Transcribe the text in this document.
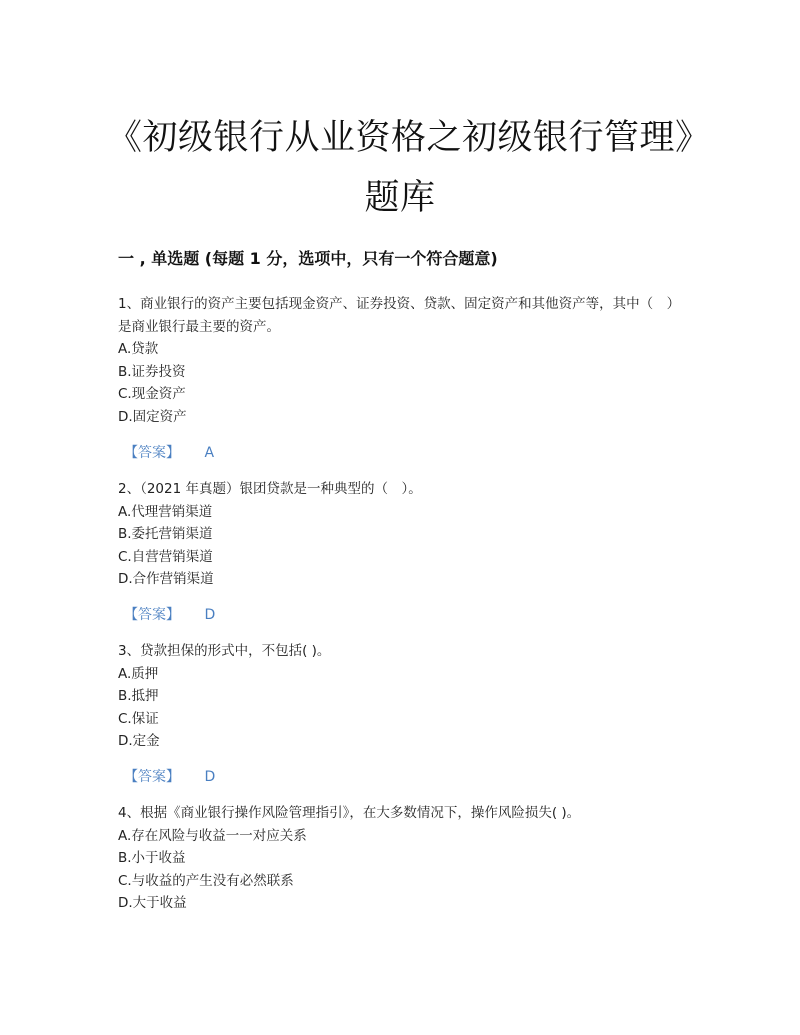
《初级银行从业资格之初级银行管理》题库
一 , 单选题 (每题 1 分，选项中，只有一个符合题意)

1、商业银行的资产主要包括现金资产、证券投资、贷款、固定资产和其他资产等，其中（　）是商业银行最主要的资产。

A.贷款

B.证券投资

C.现金资产

D.固定资产

【答案】 A

2、（2021 年真题）银团贷款是一种典型的（　）。

A.代理营销渠道

B.委托营销渠道

C.自营营销渠道

D.合作营销渠道

【答案】 D

3、贷款担保的形式中，不包括( )。

A.质押

B.抵押

C.保证

D.定金

【答案】 D

4、根据《商业银行操作风险管理指引》，在大多数情况下，操作风险损失( )。

A.存在风险与收益一一对应关系

B.小于收益

C.与收益的产生没有必然联系

D.大于收益
